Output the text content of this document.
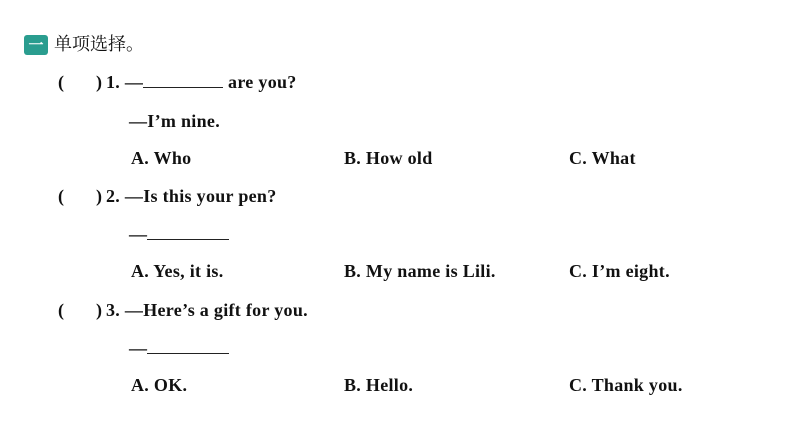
一 单项选择。
( ) 1. —	are you?
—I’m nine.
A. Who	B. How old	C. What
( ) 2. —Is this your pen?
—
A. Yes, it is.	B. My name is Lili.	C. I’m eight.
( ) 3. —Here’s a gift for you.
—
A. OK.	B. Hello.	C. Thank you.
